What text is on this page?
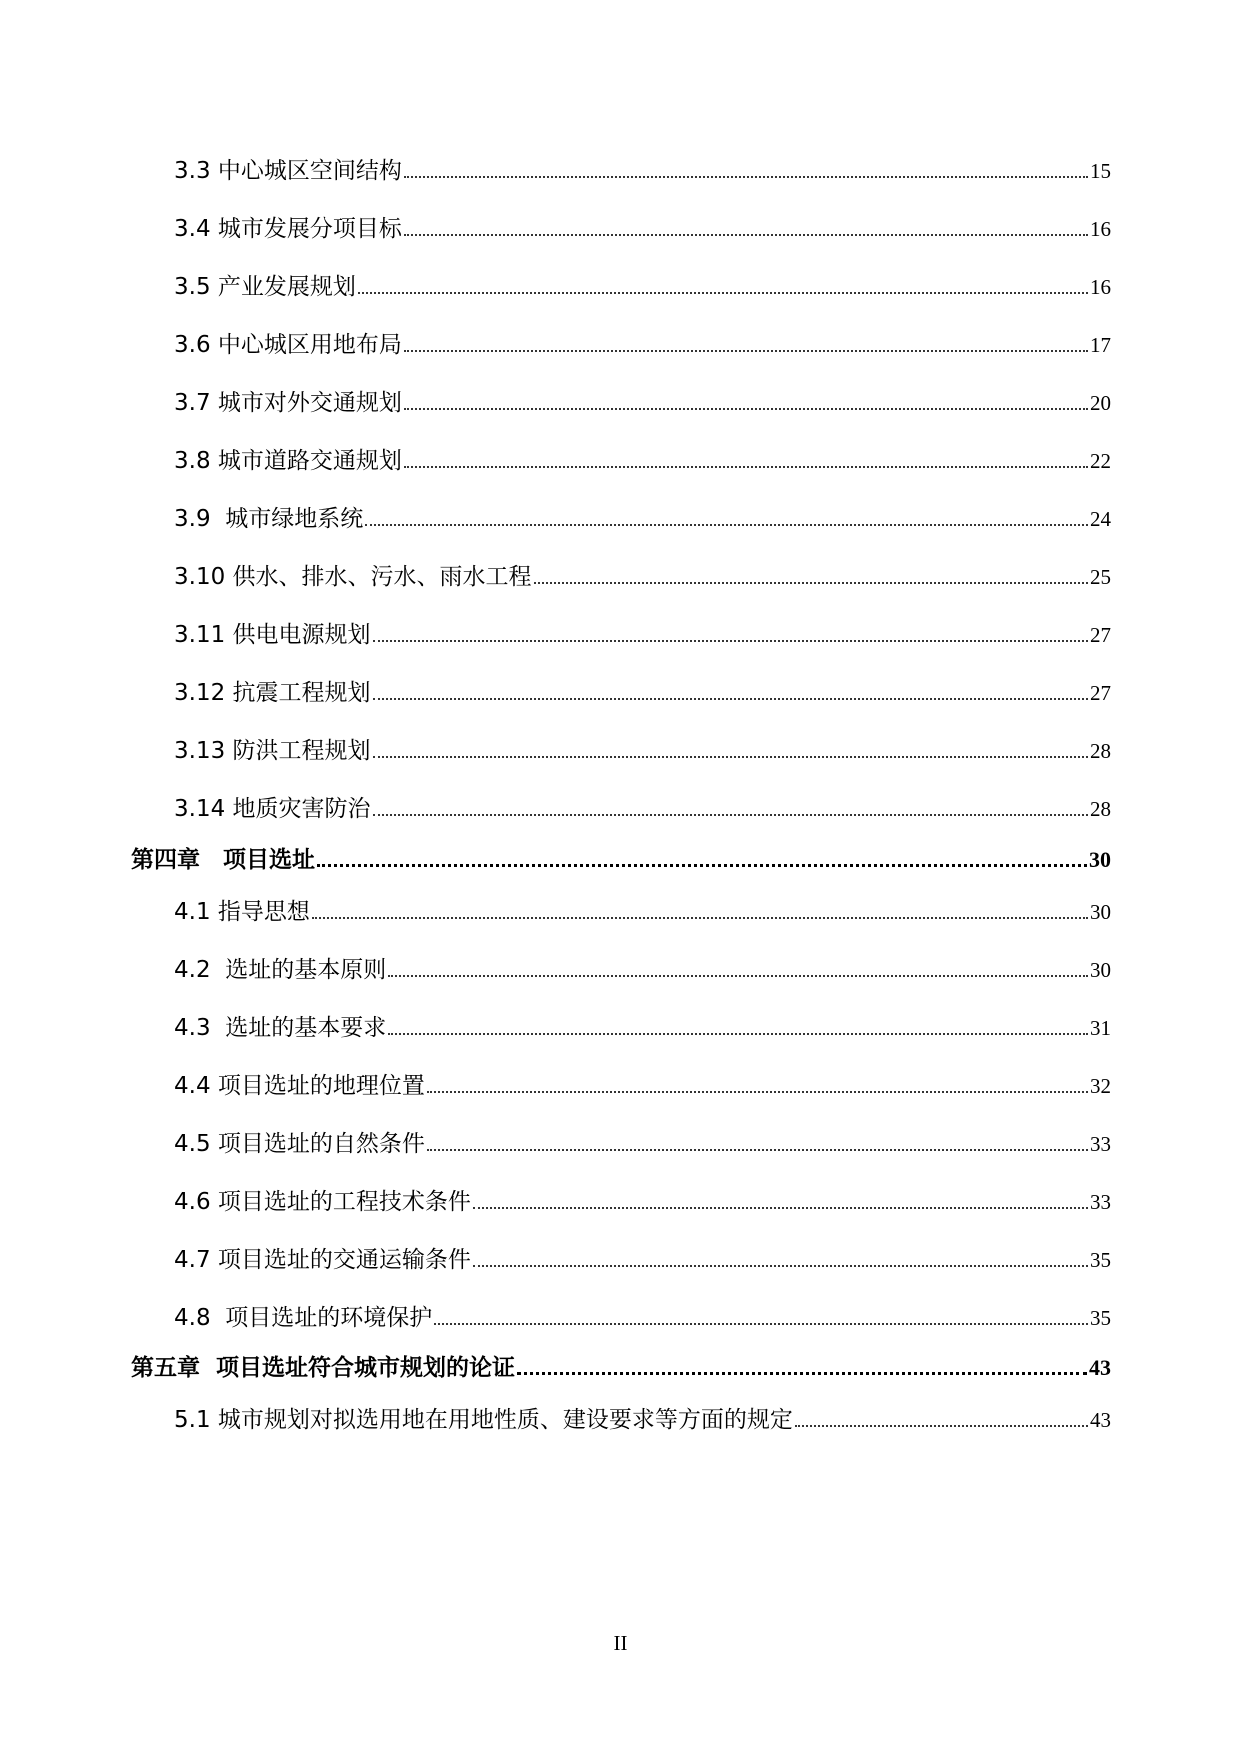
3.3 中心城区空间结构	15
3.4 城市发展分项目标	16
3.5 产业发展规划	16
3.6 中心城区用地布局	17
3.7 城市对外交通规划	20
3.8 城市道路交通规划	22
3.9  城市绿地系统	24
3.10 供水、排水、污水、雨水工程	25
3.11 供电电源规划	27
3.12 抗震工程规划	27
3.13 防洪工程规划	28
3.14 地质灾害防治	28
第四章　项目选址	30
4.1 指导思想	30
4.2  选址的基本原则	30
4.3  选址的基本要求	31
4.4 项目选址的地理位置	32
4.5 项目选址的自然条件	33
4.6 项目选址的工程技术条件	33
4.7 项目选址的交通运输条件	35
4.8  项目选址的环境保护	35
第五章  项目选址符合城市规划的论证	43
5.1 城市规划对拟选用地在用地性质、建设要求等方面的规定	43
II
